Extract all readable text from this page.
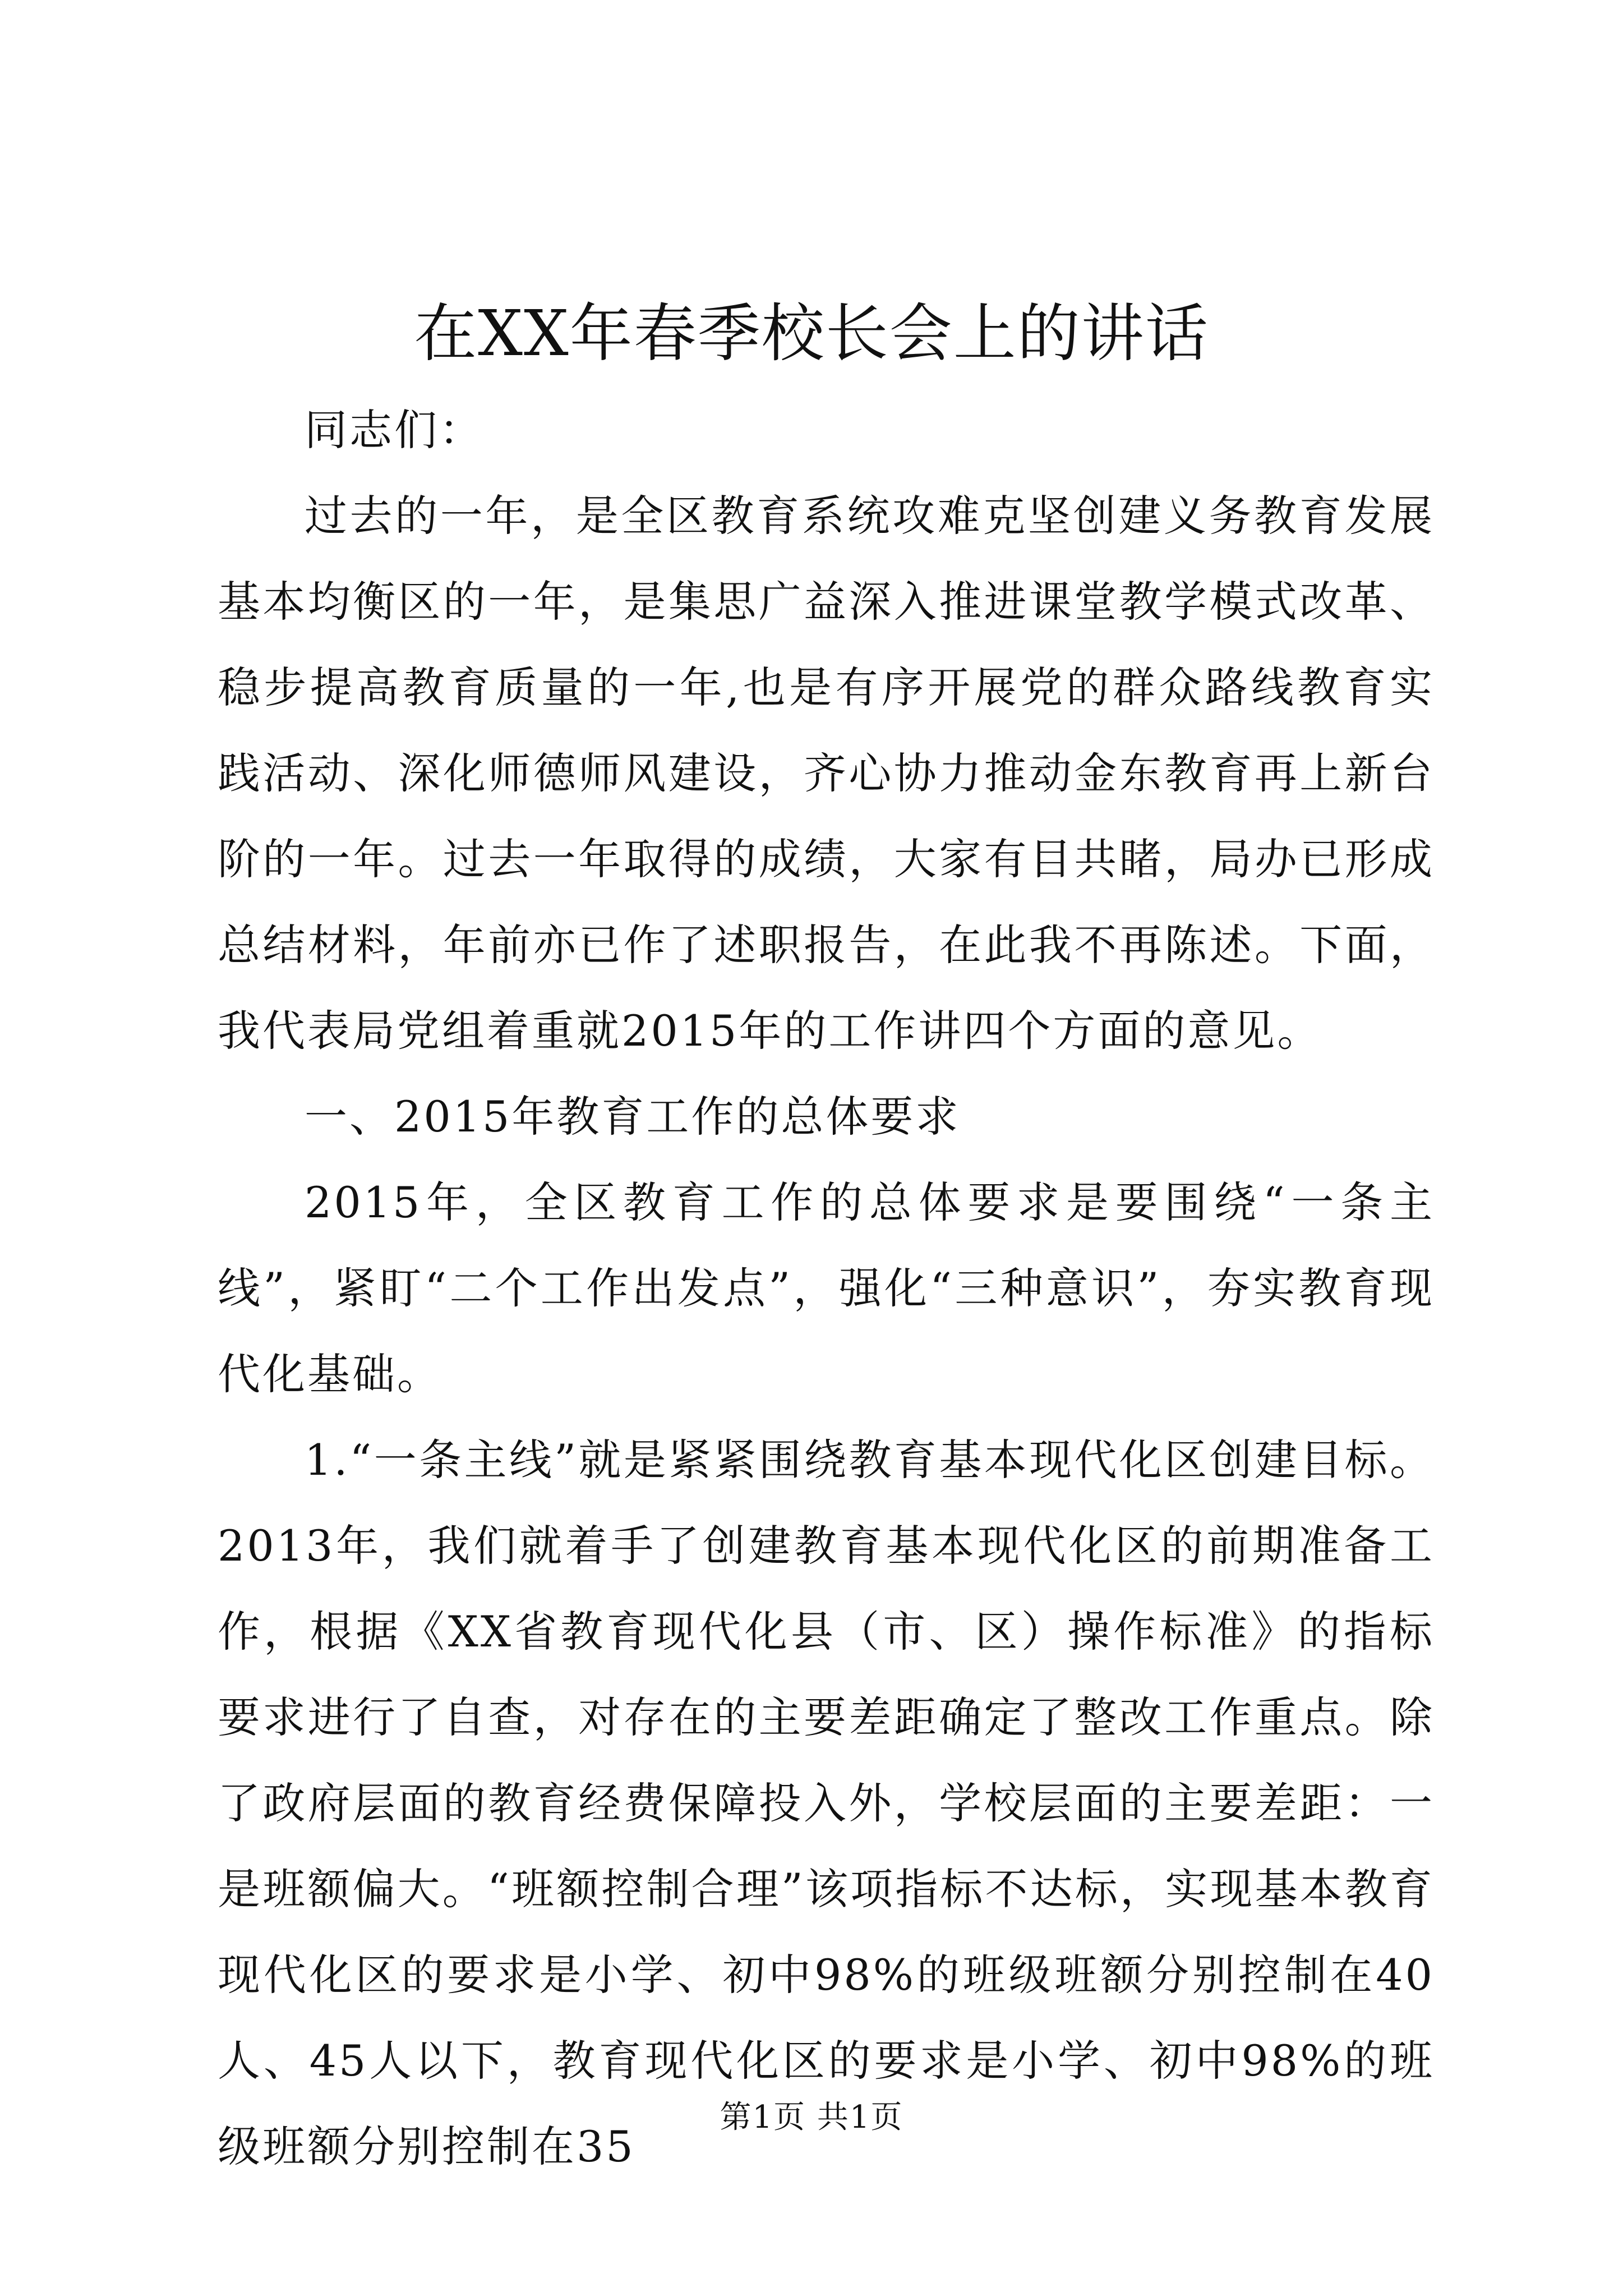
在XX年春季校长会上的讲话

同志们：

过去的一年，是全区教育系统攻难克坚创建义务教育发展基本均衡区的一年，是集思广益深入推进课堂教学模式改革、稳步提高教育质量的一年,也是有序开展党的群众路线教育实践活动、深化师德师风建设，齐心协力推动金东教育再上新台阶的一年。过去一年取得的成绩，大家有目共睹，局办已形成总结材料，年前亦已作了述职报告，在此我不再陈述。下面，我代表局党组着重就2015年的工作讲四个方面的意见。

一、2015年教育工作的总体要求

2015年，全区教育工作的总体要求是要围绕“一条主线”，紧盯“二个工作出发点”，强化“三种意识”，夯实教育现代化基础。

1.“一条主线”就是紧紧围绕教育基本现代化区创建目标。2013年，我们就着手了创建教育基本现代化区的前期准备工作，根据《XX省教育现代化县（市、区）操作标准》的指标要求进行了自查，对存在的主要差距确定了整改工作重点。除了政府层面的教育经费保障投入外，学校层面的主要差距：一是班额偏大。“班额控制合理”该项指标不达标，实现基本教育现代化区的要求是小学、初中98%的班级班额分别控制在40人、45人以下，教育现代化区的要求是小学、初中98%的班级班额分别控制在35

第1页 共1页
